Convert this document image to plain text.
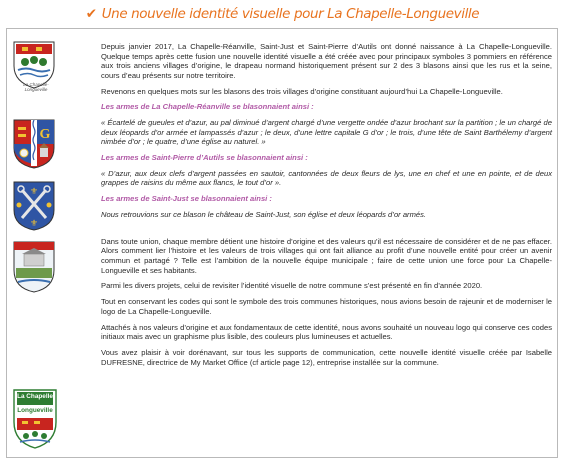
✔ Une nouvelle identité visuelle pour La Chapelle-Longueville
La Chapelle-Longueville
G
⚜
⚜
La Chapelle
Longueville

Depuis janvier 2017, La Chapelle-Réanville, Saint-Just et Saint-Pierre d’Autils ont donné naissance à La Chapelle-Longueville. Quelque temps après cette fusion une nouvelle identité visuelle a été créée avec pour principaux symboles 3 pommiers en référence aux trois anciens villages d’origine, le drapeau normand historiquement présent sur 2 des 3 blasons ainsi que les rus et la seine, cours d’eau présents sur notre territoire.

Revenons en quelques mots sur les blasons des trois villages d’origine constituant aujourd’hui La Chapelle-Longueville.

Les armes de La Chapelle-Réanville se blasonnaient ainsi :

« Écartelé de gueules et d’azur, au pal diminué d’argent chargé d’une vergette ondée d’azur brochant sur la partition ; le un chargé de deux léopards d’or armée et lampassés d’azur ; le deux, d’une lettre capitale G d’or ; le trois, d’une tête de Saint Barthélemy d’argent nimbée d’or ; le quatre, d’une église au naturel. »

Les armes de Saint-Pierre d’Autils se blasonnaient ainsi :

« D’azur, aux deux clefs d’argent passées en sautoir, cantonnées de deux fleurs de lys, une en chef et une en pointe, et de deux grappes de raisins du même aux flancs, le tout d’or ».

Les armes de Saint-Just se blasonnaient ainsi :

Nous retrouvions sur ce blason le château de Saint-Just, son église et deux léopards d’or armés.

Dans toute union, chaque membre détient une histoire d’origine et des valeurs qu’il est nécessaire de considérer et de ne pas effacer. Alors comment lier l’histoire et les valeurs de trois villages qui ont fait alliance au profit d’une nouvelle entité pour créer un avenir commun et partagé ? Telle est l’ambition de la nouvelle équipe municipale ; faire de cette union une force pour La Chapelle-Longueville et ses habitants.

Parmi les divers projets, celui de revisiter l’identité visuelle de notre commune s’est présenté en fin d’année 2020.

Tout en conservant les codes qui sont le symbole des trois communes historiques, nous avions besoin de rajeunir et de moderniser le logo de La Chapelle-Longueville.

Attachés à nos valeurs d’origine et aux fondamentaux de cette identité, nous avons souhaité un nouveau logo qui conserve ces codes initiaux mais avec un graphisme plus lisible, des couleurs plus lumineuses et actuelles.

Vous avez plaisir à voir dorénavant, sur tous les supports de communication, cette nouvelle identité visuelle créée par Isabelle DUFRESNE, directrice de My Market Office (cf article page 12), entreprise installée sur la commune.
